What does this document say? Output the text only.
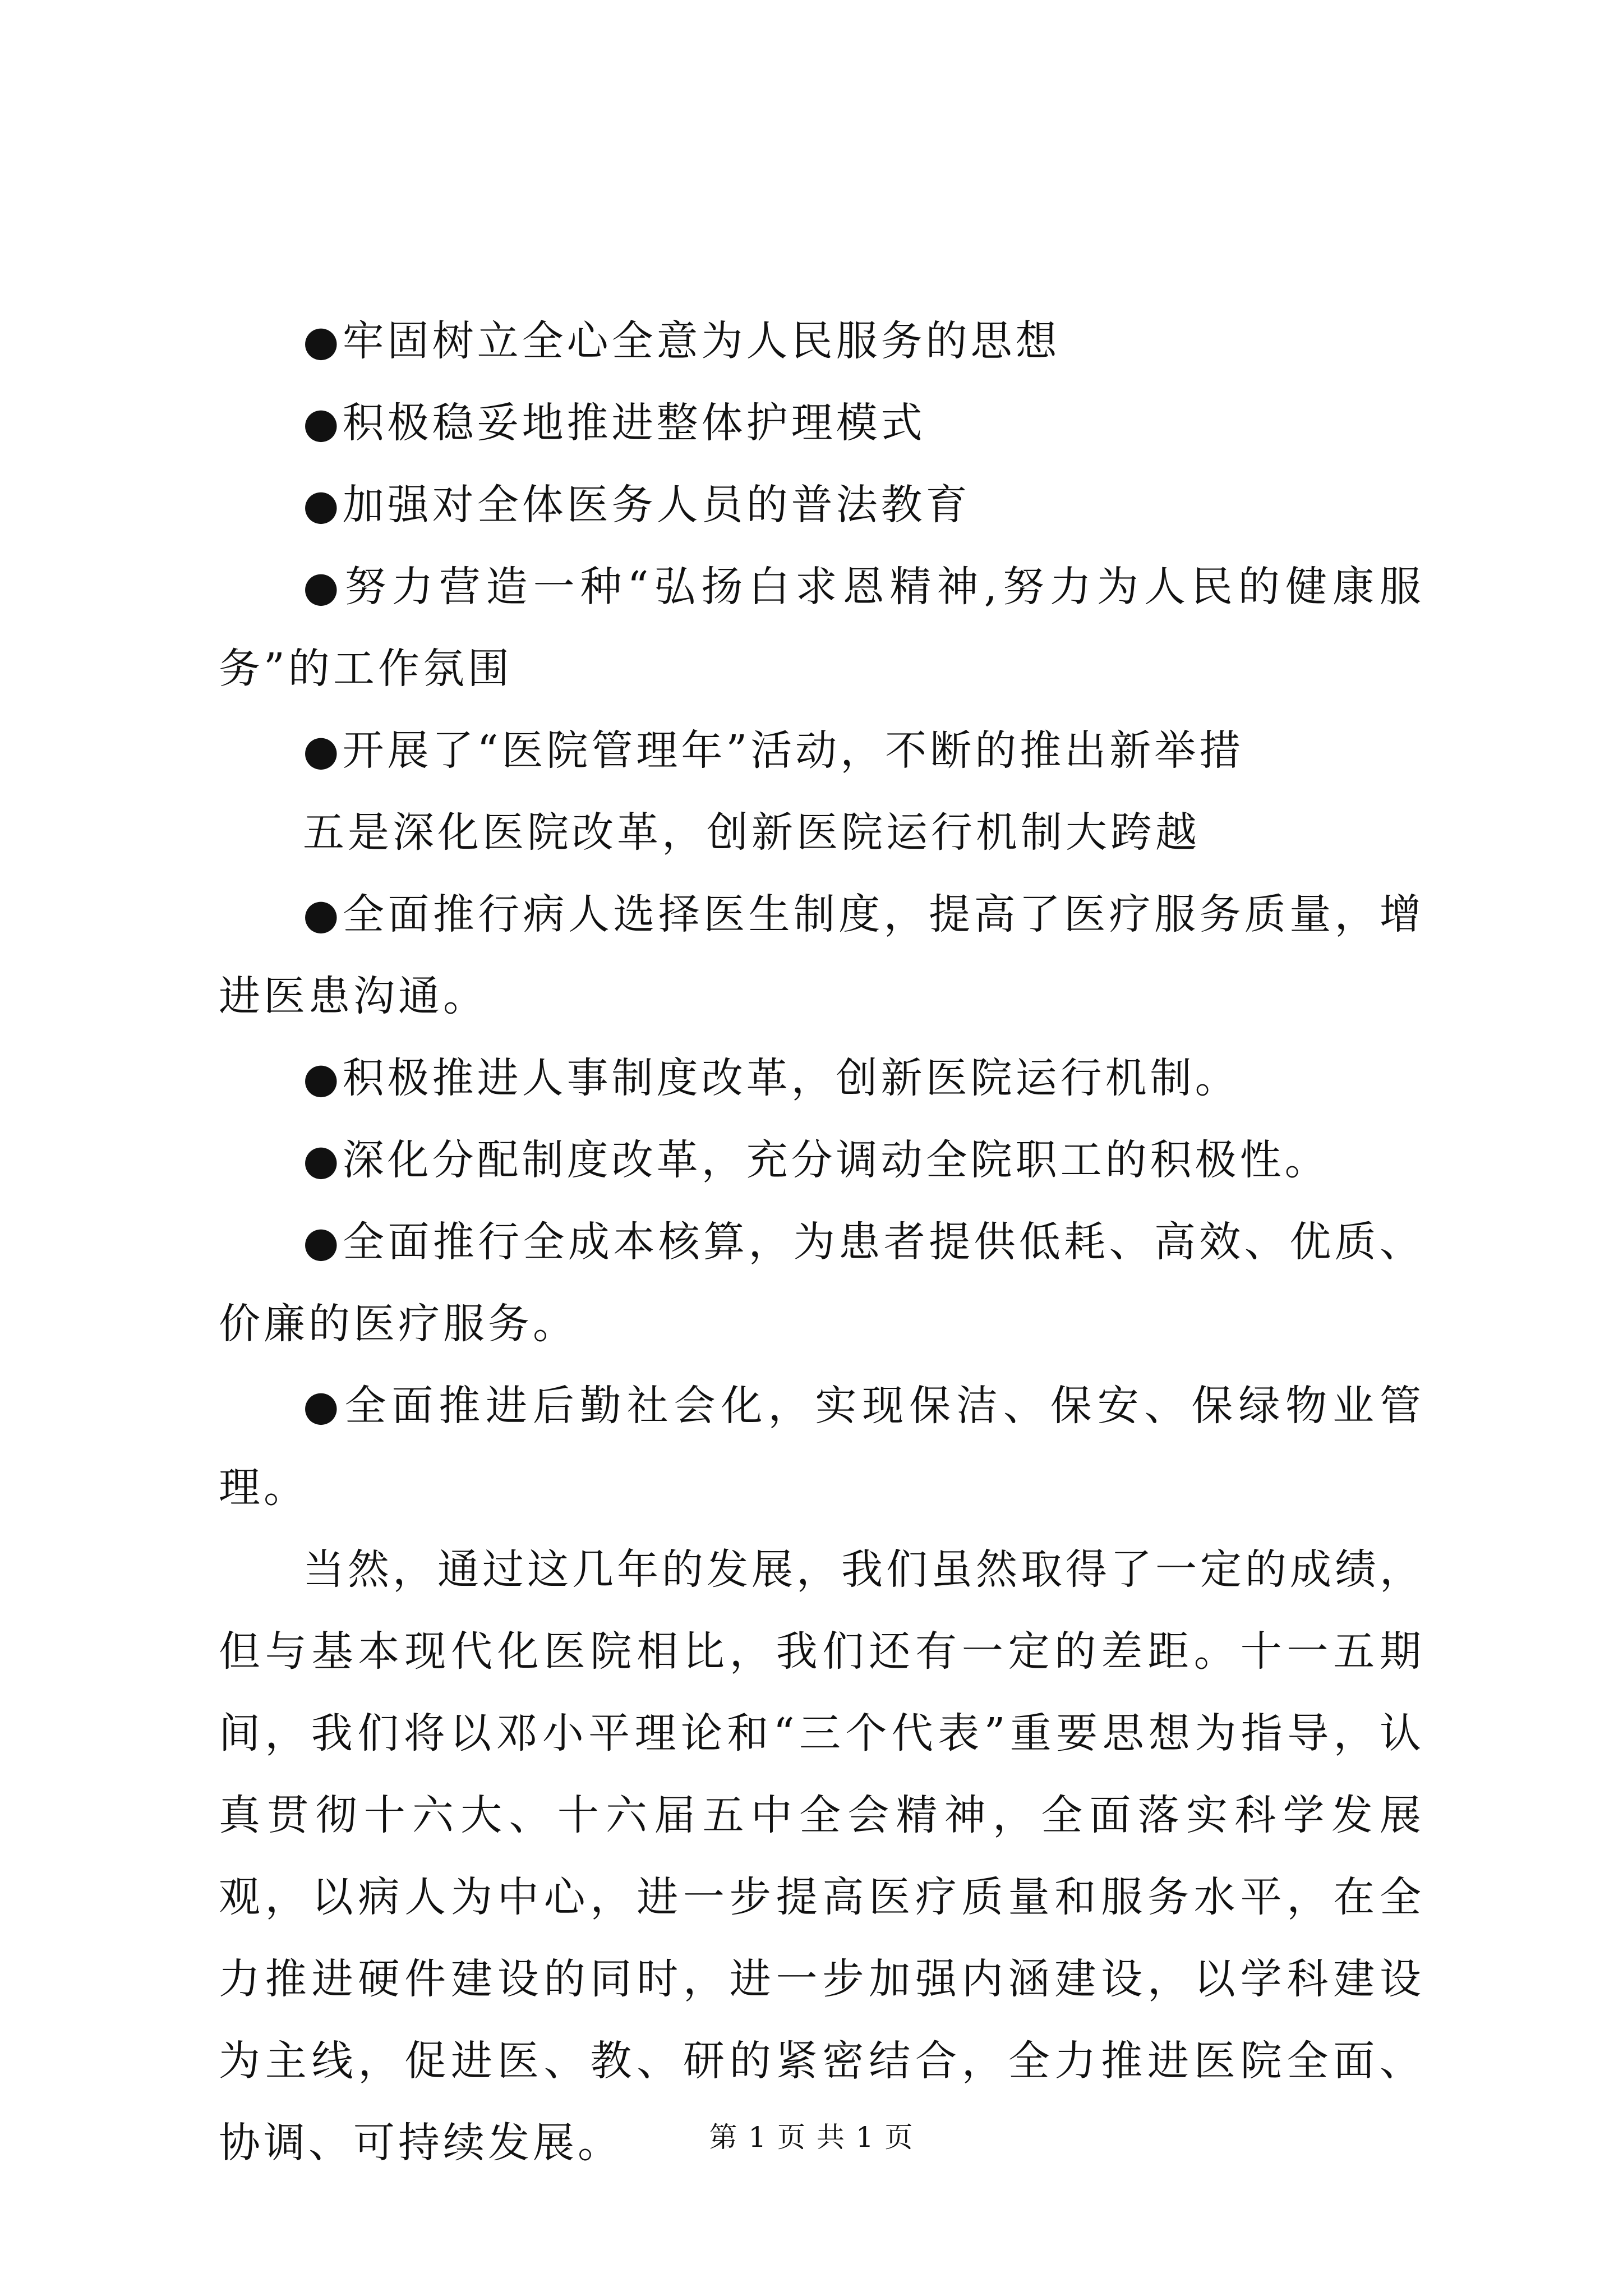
●牢固树立全心全意为人民服务的思想

●积极稳妥地推进整体护理模式

●加强对全体医务人员的普法教育

●努力营造一种“弘扬白求恩精神,努力为人民的健康服务”的工作氛围

●开展了“医院管理年”活动，不断的推出新举措

五是深化医院改革，创新医院运行机制大跨越

●全面推行病人选择医生制度，提高了医疗服务质量，增进医患沟通。

●积极推进人事制度改革，创新医院运行机制。

●深化分配制度改革，充分调动全院职工的积极性。

●全面推行全成本核算，为患者提供低耗、高效、优质、价廉的医疗服务。

●全面推进后勤社会化，实现保洁、保安、保绿物业管理。

当然，通过这几年的发展，我们虽然取得了一定的成绩，但与基本现代化医院相比，我们还有一定的差距。十一五期间，我们将以邓小平理论和“三个代表”重要思想为指导，认真贯彻十六大、十六届五中全会精神，全面落实科学发展观，以病人为中心，进一步提高医疗质量和服务水平，在全力推进硬件建设的同时，进一步加强内涵建设，以学科建设为主线，促进医、教、研的紧密结合，全力推进医院全面、协调、可持续发展。	第 1 页 共 1 页
